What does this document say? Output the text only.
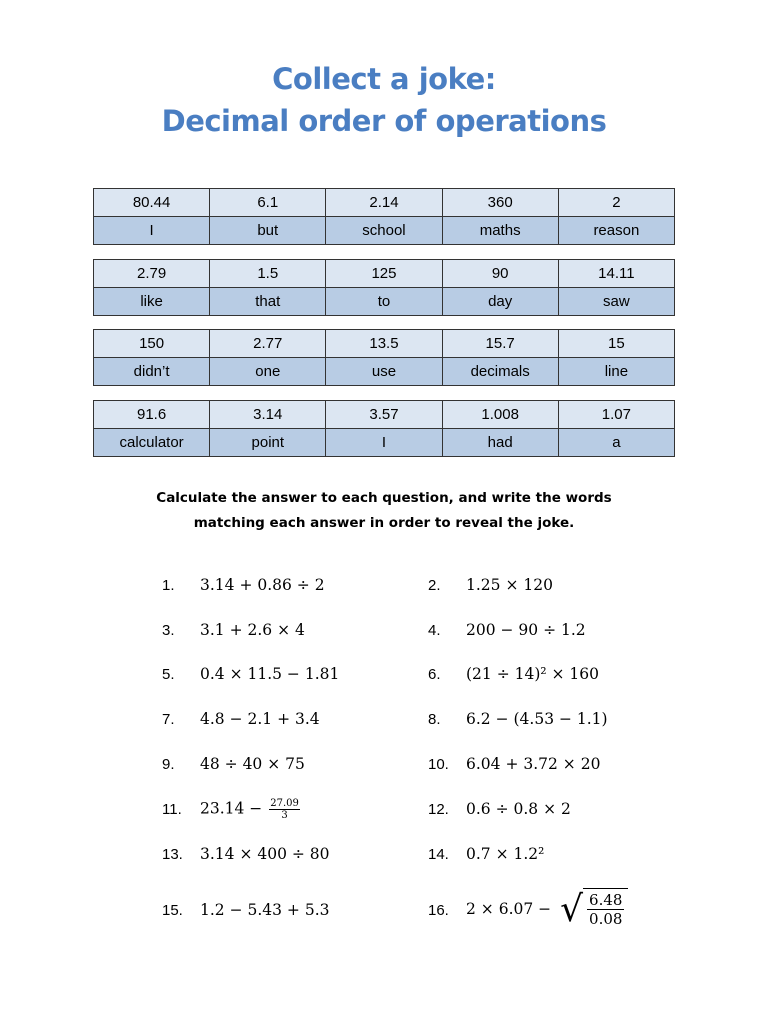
Collect a joke:
Decimal order of operations
80.44	6.1	2.14	360	2
I	but	school	maths	reason
2.79	1.5	125	90	14.11
like	that	to	day	saw
150	2.77	13.5	15.7	15
didn’t	one	use	decimals	line
91.6	3.14	3.57	1.008	1.07
calculator	point	I	had	a
Calculate the answer to each question, and write the words
matching each answer in order to reveal the joke.
1.	3.14 + 0.86 ÷ 2	2.	1.25 × 120
3.	3.1 + 2.6 × 4	4.	200 − 90 ÷ 1.2
5.	0.4 × 11.5 − 1.81	6.	(21 ÷ 14)² × 160
7.	4.8 − 2.1 + 3.4	8.	6.2 − (4.53 − 1.1)
9.	48 ÷ 40 × 75	10.	6.04 + 3.72 × 20
11.	$23.14 - \frac{27.09}{3}$	12.	0.6 ÷ 0.8 × 2
13.	3.14 × 400 ÷ 80	14.	0.7 × 1.2²
15.	1.2 − 5.43 + 5.3	16.	2 × 6.07 − √ $\frac{6.48}{0.08}$
